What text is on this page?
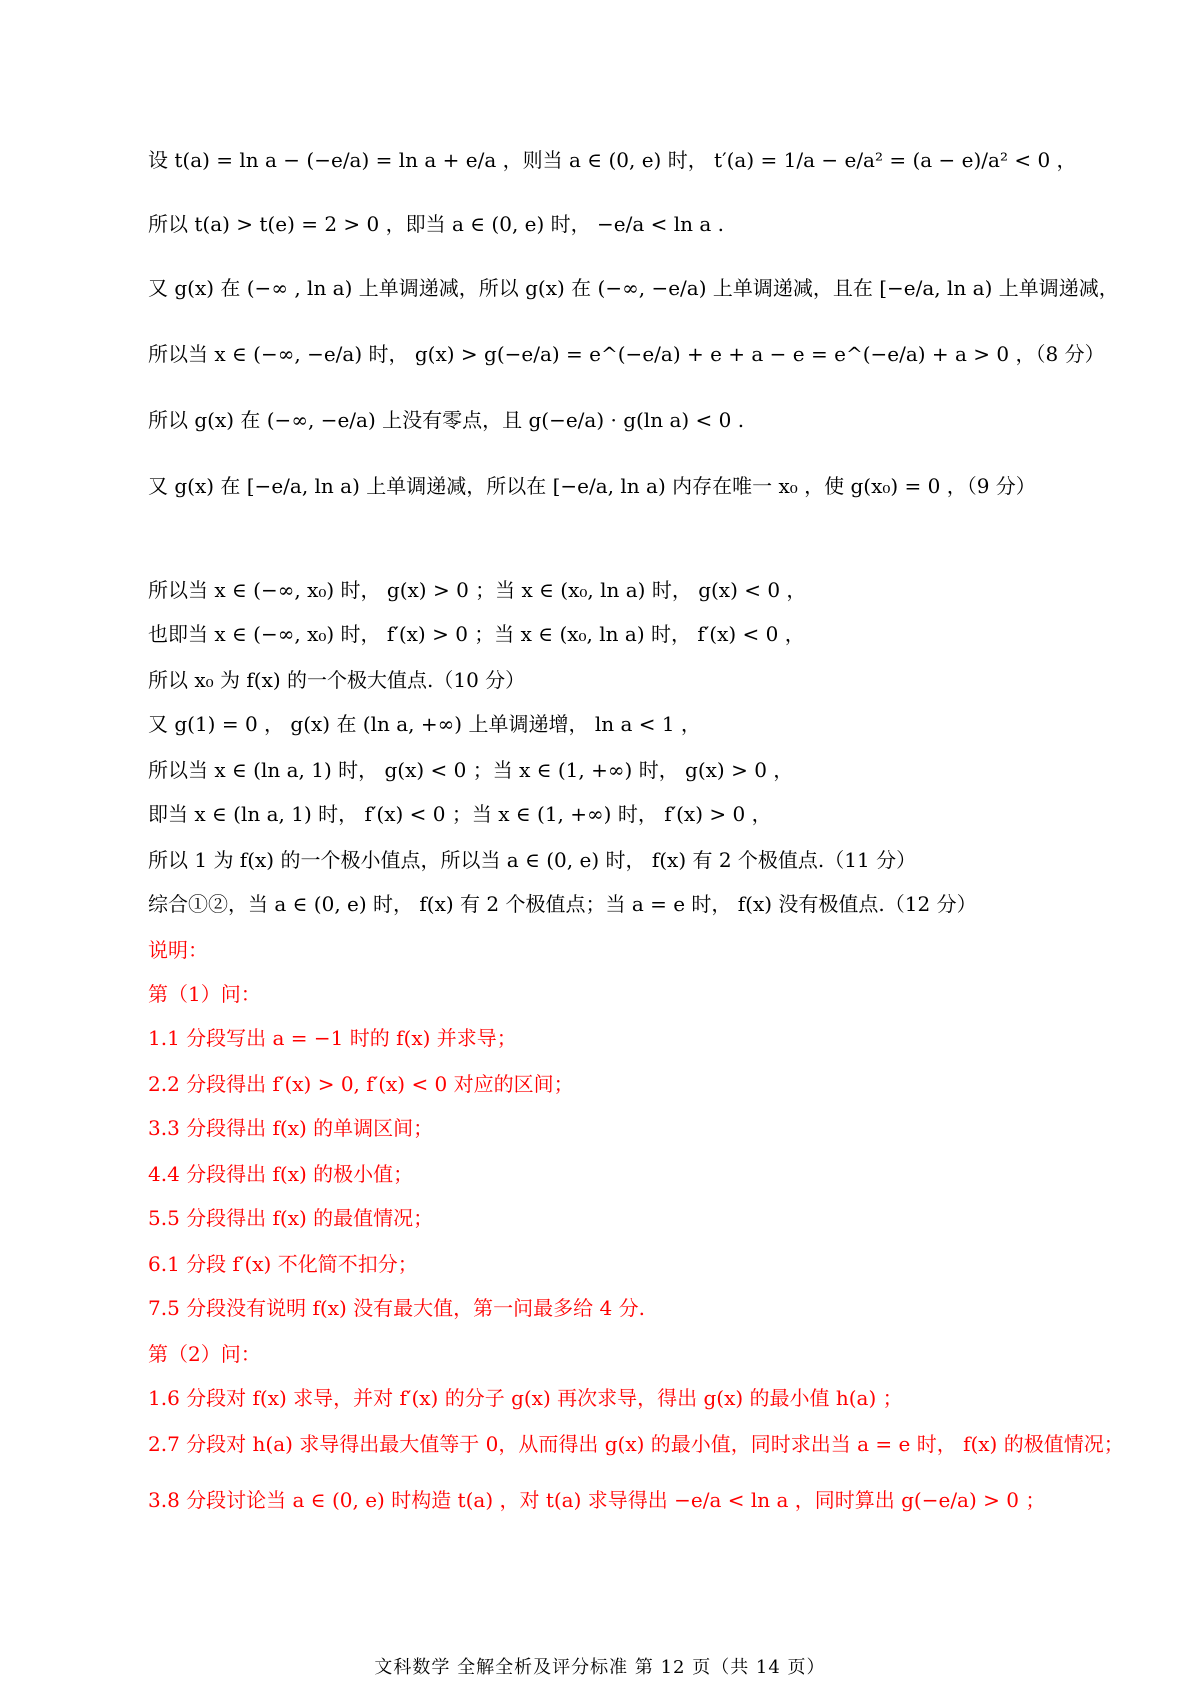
设 t(a) = ln a − (−e/a) = ln a + e/a ，则当 a ∈ (0, e) 时， t′(a) = 1/a − e/a² = (a − e)/a² < 0 ，
所以 t(a) > t(e) = 2 > 0 ，即当 a ∈ (0, e) 时， −e/a < ln a .
又 g(x) 在 (−∞ , ln a) 上单调递减，所以 g(x) 在 (−∞, −e/a) 上单调递减，且在 [−e/a, ln a) 上单调递减，
所以当 x ∈ (−∞, −e/a) 时， g(x) > g(−e/a) = e^(−e/a) + e + a − e = e^(−e/a) + a > 0 ，（8 分）
所以 g(x) 在 (−∞, −e/a) 上没有零点，且 g(−e/a) · g(ln a) < 0 .
又 g(x) 在 [−e/a, ln a) 上单调递减，所以在 [−e/a, ln a) 内存在唯一 x₀ ，使 g(x₀) = 0 ，（9 分）
所以当 x ∈ (−∞, x₀) 时， g(x) > 0 ；当 x ∈ (x₀, ln a) 时， g(x) < 0 ，
也即当 x ∈ (−∞, x₀) 时， f′(x) > 0 ；当 x ∈ (x₀, ln a) 时， f′(x) < 0 ，
所以 x₀ 为 f(x) 的一个极大值点.（10 分）
又 g(1) = 0 ， g(x) 在 (ln a, +∞) 上单调递增， ln a < 1 ，
所以当 x ∈ (ln a, 1) 时， g(x) < 0 ；当 x ∈ (1, +∞) 时， g(x) > 0 ，
即当 x ∈ (ln a, 1) 时， f′(x) < 0 ；当 x ∈ (1, +∞) 时， f′(x) > 0 ，
所以 1 为 f(x) 的一个极小值点，所以当 a ∈ (0, e) 时， f(x) 有 2 个极值点.（11 分）
综合①②，当 a ∈ (0, e) 时， f(x) 有 2 个极值点；当 a = e 时， f(x) 没有极值点.（12 分）
说明：
第（1）问：
1.1 分段写出 a = −1 时的 f(x) 并求导；
2.2 分段得出 f′(x) > 0, f′(x) < 0 对应的区间；
3.3 分段得出 f(x) 的单调区间；
4.4 分段得出 f(x) 的极小值；
5.5 分段得出 f(x) 的最值情况；
6.1 分段 f′(x) 不化简不扣分；
7.5 分段没有说明 f(x) 没有最大值，第一问最多给 4 分.
第（2）问：
1.6 分段对 f(x) 求导，并对 f′(x) 的分子 g(x) 再次求导，得出 g(x) 的最小值 h(a) ；
2.7 分段对 h(a) 求导得出最大值等于 0，从而得出 g(x) 的最小值，同时求出当 a = e 时， f(x) 的极值情况；
3.8 分段讨论当 a ∈ (0, e) 时构造 t(a) ，对 t(a) 求导得出 −e/a < ln a ，同时算出 g(−e/a) > 0 ；
文科数学 全解全析及评分标准 第 12 页（共 14 页）
